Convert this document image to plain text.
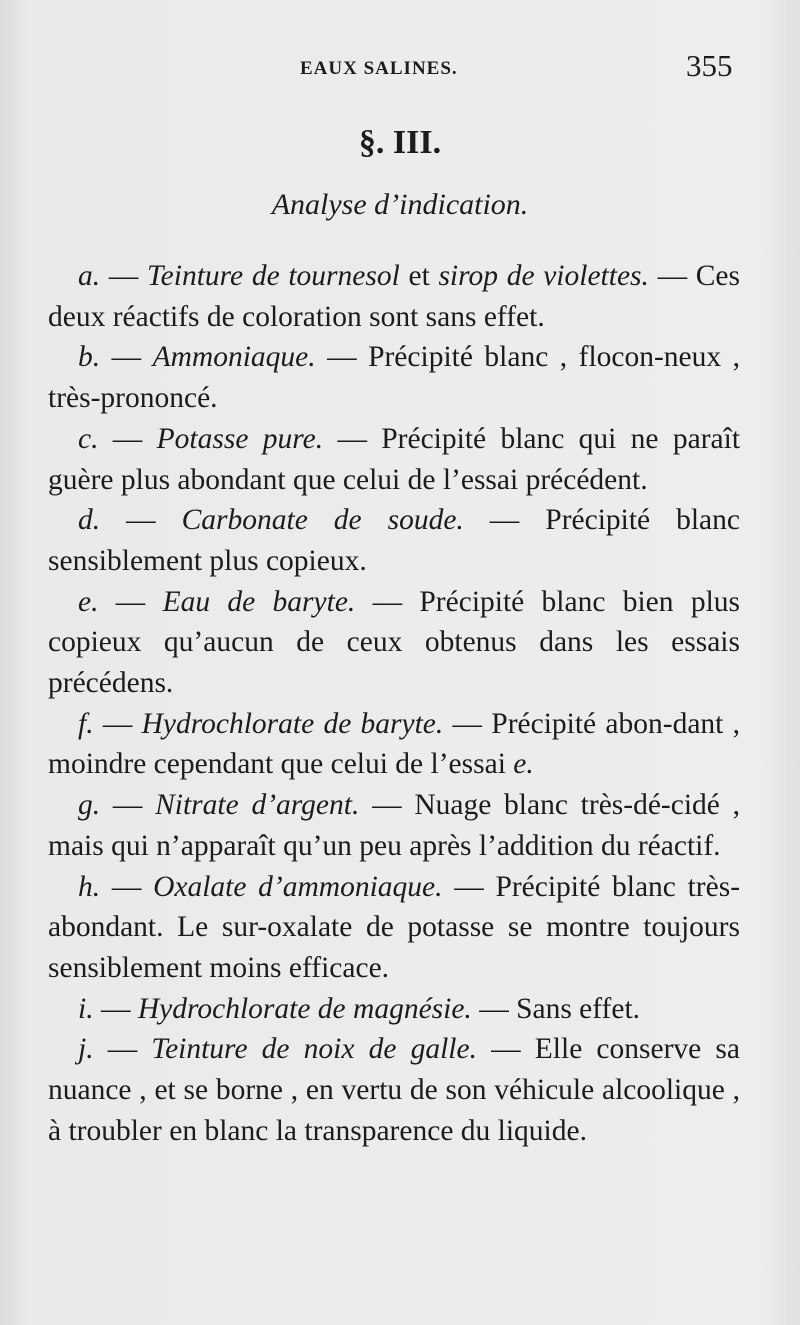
EAUX SALINES.	355
§. III.
Analyse d’indication.

a. — Teinture de tournesol et sirop de violettes. — Ces deux réactifs de coloration sont sans effet.

b. — Ammoniaque. — Précipité blanc , flocon-neux , très-prononcé.

c. — Potasse pure. — Précipité blanc qui ne paraît guère plus abondant que celui de l’essai précédent.

d. — Carbonate de soude. — Précipité blanc sensiblement plus copieux.

e. — Eau de baryte. — Précipité blanc bien plus copieux qu’aucun de ceux obtenus dans les essais précédens.

f. — Hydrochlorate de baryte. — Précipité abon-dant , moindre cependant que celui de l’essai e.

g. — Nitrate d’argent. — Nuage blanc très-dé-cidé , mais qui n’apparaît qu’un peu après l’addition du réactif.

h. — Oxalate d’ammoniaque. — Précipité blanc très-abondant. Le sur-oxalate de potasse se montre toujours sensiblement moins efficace.

i. — Hydrochlorate de magnésie. — Sans effet.

j. — Teinture de noix de galle. — Elle conserve sa nuance , et se borne , en vertu de son véhicule alcoolique , à troubler en blanc la transparence du liquide.
